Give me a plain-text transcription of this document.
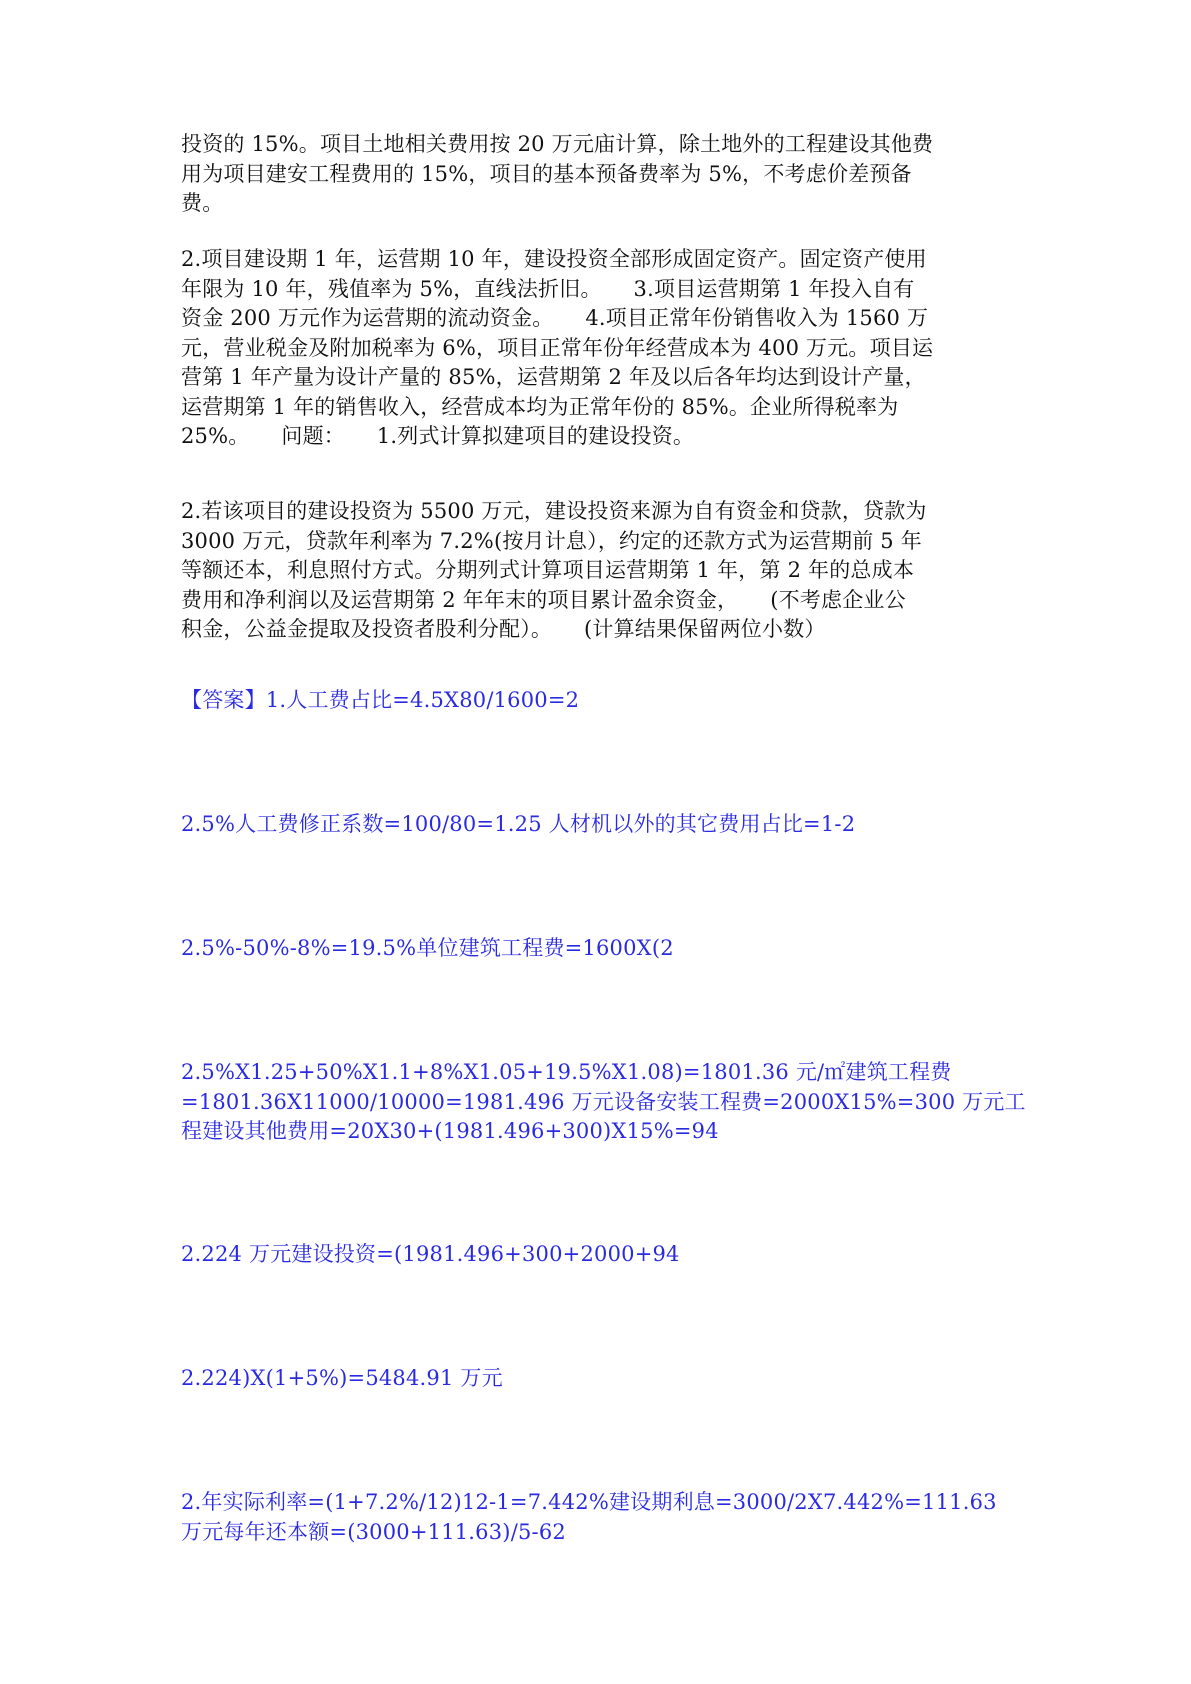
投资的 15%。项目土地相关费用按 20 万元庙计算，除土地外的工程建设其他费
用为项目建安工程费用的 15%，项目的基本预备费率为 5%，不考虑价差预备
费。
2.项目建设期 1 年，运营期 10 年，建设投资全部形成固定资产。固定资产使用
年限为 10 年，残值率为 5%，直线法折旧。　　3.项目运营期第 1 年投入自有
资金 200 万元作为运营期的流动资金。　　4.项目正常年份销售收入为 1560 万
元，营业税金及附加税率为 6%，项目正常年份年经营成本为 400 万元。项目运
营第 1 年产量为设计产量的 85%，运营期第 2 年及以后各年均达到设计产量，
运营期第 1 年的销售收入，经营成本均为正常年份的 85%。企业所得税率为
25%。　　问题：　　1.列式计算拟建项目的建设投资。
2.若该项目的建设投资为 5500 万元，建设投资来源为自有资金和贷款，贷款为
3000 万元，贷款年利率为 7.2%(按月计息），约定的还款方式为运营期前 5 年
等额还本，利息照付方式。分期列式计算项目运营期第 1 年，第 2 年的总成本
费用和净利润以及运营期第 2 年年末的项目累计盈余资金，　　(不考虑企业公
积金，公益金提取及投资者股利分配）。　　(计算结果保留两位小数）
【答案】1.人工费占比=4.5X80/1600=2
2.5%人工费修正系数=100/80=1.25 人材机以外的其它费用占比=1-2
2.5%-50%-8%=19.5%单位建筑工程费=1600X(2
2.5%X1.25+50%X1.1+8%X1.05+19.5%X1.08)=1801.36 元/㎡建筑工程费
=1801.36X11000/10000=1981.496 万元设备安装工程费=2000X15%=300 万元工
程建设其他费用=20X30+(1981.496+300)X15%=94
2.224 万元建设投资=(1981.496+300+2000+94
2.224)X(1+5%)=5484.91 万元
2.年实际利率=(1+7.2%/12)12-1=7.442%建设期利息=3000/2X7.442%=111.63
万元每年还本额=(3000+111.63)/5-62
